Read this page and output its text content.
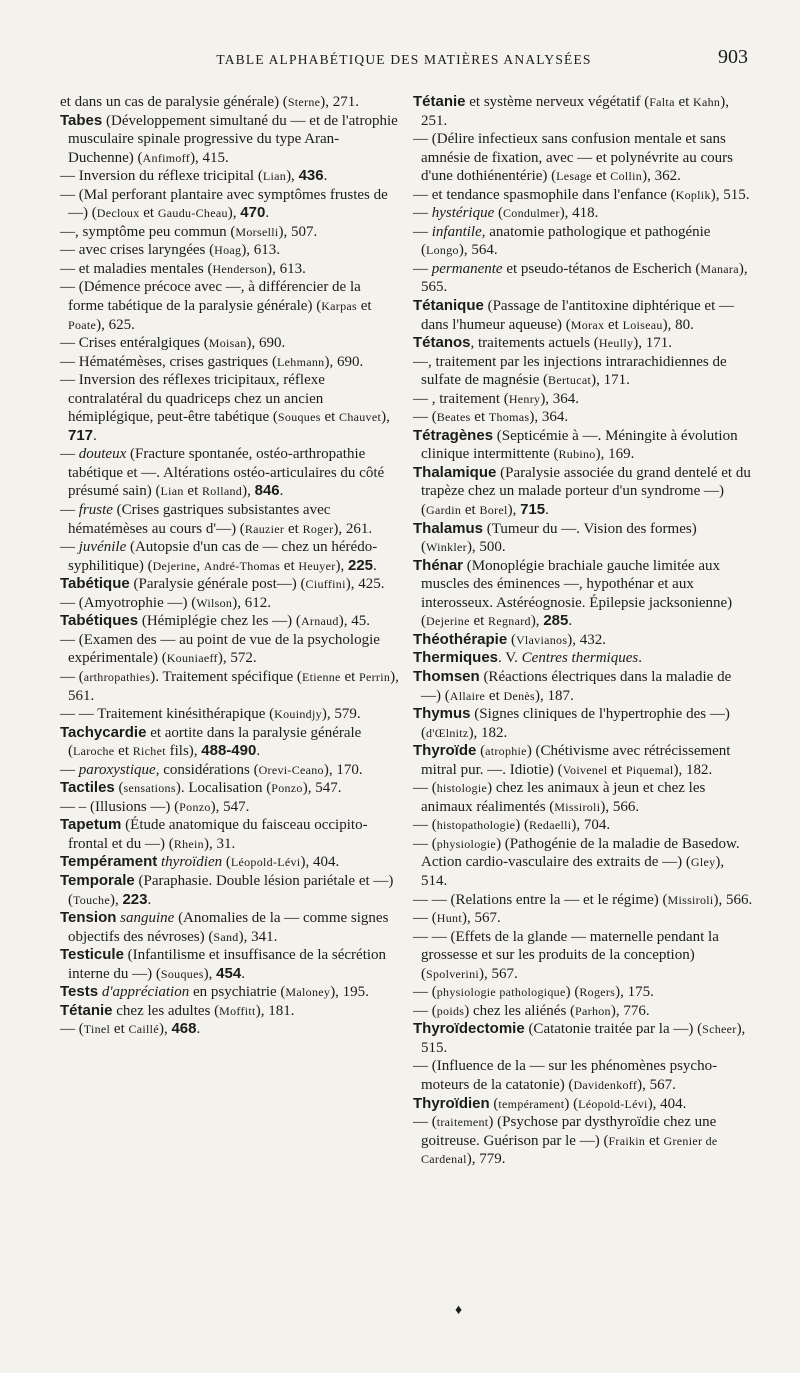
TABLE ALPHABÉTIQUE DES MATIÈRES ANALYSÉES	903

et dans un cas de paralysie générale) (Sterne), 271.

Tabes (Développement simultané du — et de l'atrophie musculaire spinale progressive du type Aran-Duchenne) (Anfimoff), 415.

— Inversion du réflexe tricipital (Lian), 436.

— (Mal perforant plantaire avec symptômes frustes de —) (Decloux et Gaudu-Cheau), 470.

—, symptôme peu commun (Morselli), 507.

— avec crises laryngées (Hoag), 613.

— et maladies mentales (Henderson), 613.

— (Démence précoce avec —, à différencier de la forme tabétique de la paralysie générale) (Karpas et Poate), 625.

— Crises entéralgiques (Moisan), 690.

— Hématémèses, crises gastriques (Lehmann), 690.

— Inversion des réflexes tricipitaux, réflexe contralatéral du quadriceps chez un ancien hémiplégique, peut-être tabétique (Souques et Chauvet), 717.

— douteux (Fracture spontanée, ostéo-arthropathie tabétique et —. Altérations ostéo-articulaires du côté présumé sain) (Lian et Rolland), 846.

— fruste (Crises gastriques subsistantes avec hématémèses au cours d'—) (Rauzier et Roger), 261.

— juvénile (Autopsie d'un cas de — chez un hérédo-syphilitique) (Dejerine, André-Thomas et Heuyer), 225.

Tabétique (Paralysie générale post—) (Ciuffini), 425.

— (Amyotrophie —) (Wilson), 612.

Tabétiques (Hémiplégie chez les —) (Arnaud), 45.

— (Examen des — au point de vue de la psychologie expérimentale) (Kouniaeff), 572.

— (arthropathies). Traitement spécifique (Etienne et Perrin), 561.

— — Traitement kinésithérapique (Kouindjy), 579.

Tachycardie et aortite dans la paralysie générale (Laroche et Richet fils), 488-490.

— paroxystique, considérations (Orevi-Ceano), 170.

Tactiles (sensations). Localisation (Ponzo), 547.

— – (Illusions —) (Ponzo), 547.

Tapetum (Étude anatomique du faisceau occipito-frontal et du —) (Rhein), 31.

Tempérament thyroïdien (Léopold-Lévi), 404.

Temporale (Paraphasie. Double lésion pariétale et —) (Touche), 223.

Tension sanguine (Anomalies de la — comme signes objectifs des névroses) (Sand), 341.

Testicule (Infantilisme et insuffisance de la sécrétion interne du —) (Souques), 454.

Tests d'appréciation en psychiatrie (Maloney), 195.

Tétanie chez les adultes (Moffitt), 181.

— (Tinel et Caillé), 468.

Tétanie et système nerveux végétatif (Falta et Kahn), 251.

— (Délire infectieux sans confusion mentale et sans amnésie de fixation, avec — et polynévrite au cours d'une dothiénentérie) (Lesage et Collin), 362.

— et tendance spasmophile dans l'enfance (Koplik), 515.

— hystérique (Condulmer), 418.

— infantile, anatomie pathologique et pathogénie (Longo), 564.

— permanente et pseudo-tétanos de Escherich (Manara), 565.

Tétanique (Passage de l'antitoxine diphtérique et — dans l'humeur aqueuse) (Morax et Loiseau), 80.

Tétanos, traitements actuels (Heully), 171.

—, traitement par les injections intrarachidiennes de sulfate de magnésie (Bertucat), 171.

— , traitement (Henry), 364.

— (Beates et Thomas), 364.

Tétragènes (Septicémie à —. Méningite à évolution clinique intermittente (Rubino), 169.

Thalamique (Paralysie associée du grand dentelé et du trapèze chez un malade porteur d'un syndrome —) (Gardin et Borel), 715.

Thalamus (Tumeur du —. Vision des formes) (Winkler), 500.

Thénar (Monoplégie brachiale gauche limitée aux muscles des éminences —, hypothénar et aux interosseux. Astéréognosie. Épilepsie jacksonienne) (Dejerine et Regnard), 285.

Théothérapie (Vlavianos), 432.

Thermiques. V. Centres thermiques.

Thomsen (Réactions électriques dans la maladie de —) (Allaire et Denès), 187.

Thymus (Signes cliniques de l'hypertrophie des —) (d'Œlnitz), 182.

Thyroïde (atrophie) (Chétivisme avec rétrécissement mitral pur. —. Idiotie) (Voivenel et Piquemal), 182.

— (histologie) chez les animaux à jeun et chez les animaux réalimentés (Missiroli), 566.

— (histopathologie) (Redaelli), 704.

— (physiologie) (Pathogénie de la maladie de Basedow. Action cardio-vasculaire des extraits de —) (Gley), 514.

— — (Relations entre la — et le régime) (Missiroli), 566.

— (Hunt), 567.

— — (Effets de la glande — maternelle pendant la grossesse et sur les produits de la conception) (Spolverini), 567.

— (physiologie pathologique) (Rogers), 175.

— (poids) chez les aliénés (Parhon), 776.

Thyroïdectomie (Catatonie traitée par la —) (Scheer), 515.

— (Influence de la — sur les phénomènes psycho-moteurs de la catatonie) (Davidenkoff), 567.

Thyroïdien (tempérament) (Léopold-Lévi), 404.

— (traitement) (Psychose par dysthyroïdie chez une goitreuse. Guérison par le —) (Fraikin et Grenier de Cardenal), 779.

♦
